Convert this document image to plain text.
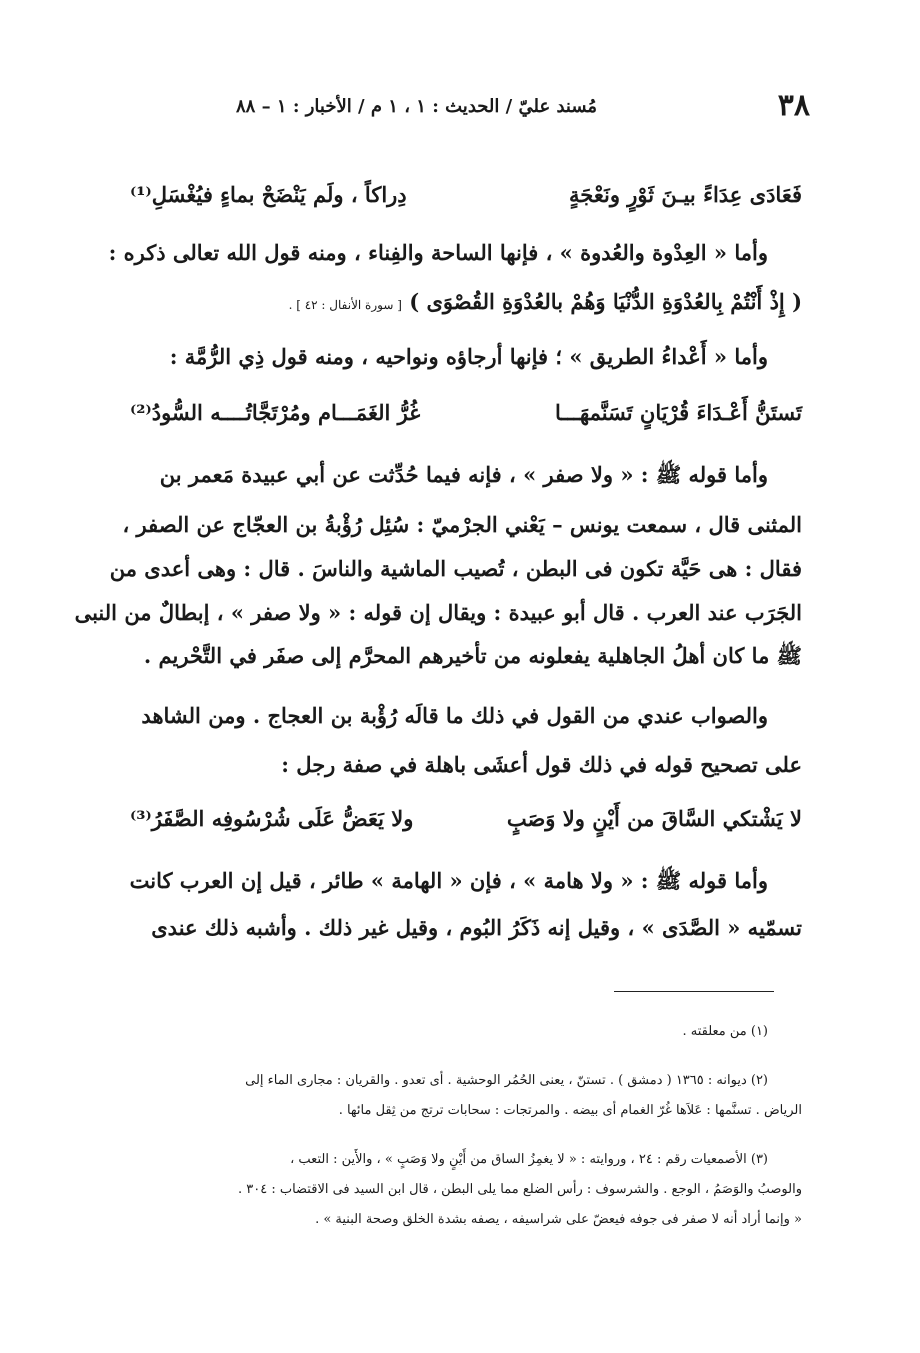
٣٨
مُسند عليّ / الحديث : ١ ، ١ م / الأخبار : ١ – ٨٨
فَعَادَى عِدَاءً بيـنَ ثَوْرٍ ونَعْجَةٍ
دِراكاً ، ولَم يَنْضَحْ بماءٍ فيُغْسَلِ⁽¹⁾
وأما « العِدْوة والعُدوة » ، فإنها الساحة والفِناء ، ومنه قول الله تعالى ذكره :
( إِذْ أَنْتُمْ بِالعُدْوَةِ الدُّنْيَا وَهُمْ بالعُدْوَةِ القُصْوَى ) [ سورة الأنفال : ٤٢ ] .
وأما « أَعْداءُ الطريق » ؛ فإنها أرجاؤه ونواحيه ، ومنه قول ذِي الرُّمَّة :
تَستَنُّ أَعْـدَاءَ قُرْيَانٍ تَسَنَّمهَـــا
غُرُّ الغَمَـــام ومُرْتَجَّاتُــــه السُّودُ⁽²⁾
وأما قوله ﷺ : « ولا صفر » ، فإنه فيما حُدِّثت عن أبي عبيدة مَعمر بن
المثنى قال ، سمعت يونس – يَعْني الجرْميّ : سُئِل رُؤْبةُ بن العجّاج عن الصفر ،
فقال : هى حَيَّة تكون فى البطن ، تُصيب الماشية والناسَ . قال : وهى أعدى من
الجَرَب عند العرب . قال أبو عبيدة : ويقال إن قوله : « ولا صفر » ، إبطالٌ من النبى
ﷺ ما كان أهلُ الجاهلية يفعلونه من تأخيرهم المحرَّم إلى صفَر في التَّحْريم .
والصواب عندي من القول في ذلك ما قالَه رُؤْبة بن العجاج . ومن الشاهد
على تصحيح قوله في ذلك قول أعشَى باهلة في صفة رجل :
لا يَشْتكي السَّاقَ من أَيْنٍ ولا وَصَبٍ
ولا يَعَضُّ عَلَى شُرْسُوفِه الصَّفَرُ⁽³⁾
وأما قوله ﷺ : « ولا هامة » ، فإن « الهامة » طائر ، قيل إن العرب كانت
تسمّيه « الصَّدَى » ، وقيل إنه ذَكَرُ البُوم ، وقيل غير ذلك . وأشبه ذلك عندى
(١) من معلقته .
(٢) ديوانه : ١٣٦٥ ( دمشق ) . تستنّ ، يعنى الحُمُر الوحشية . أى تعدو . والقريان : مجارى الماء إلى
الرياض . تسنَّمها : عَلاَها غُرّ الغمام أى بيضه . والمرتجات : سحابات ترتج من ثِقل مائها .
(٣) الأصمعيات رقم : ٢٤ ، وروايته : « لا يغمِزُ الساق من أَيْنٍ ولا وَصَبٍ » ، والأَين : التعب ،
والوصبُ والوَصَمُ ، الوجع . والشرسوف : رأس الضلع مما يلى البطن ، قال ابن السيد فى الاقتضاب : ٣٠٤ .
« وإنما أراد أنه لا صفر فى جوفه فيعضّ على شراسيفه ، يصفه بشدة الخلق وصحة البنية » .
